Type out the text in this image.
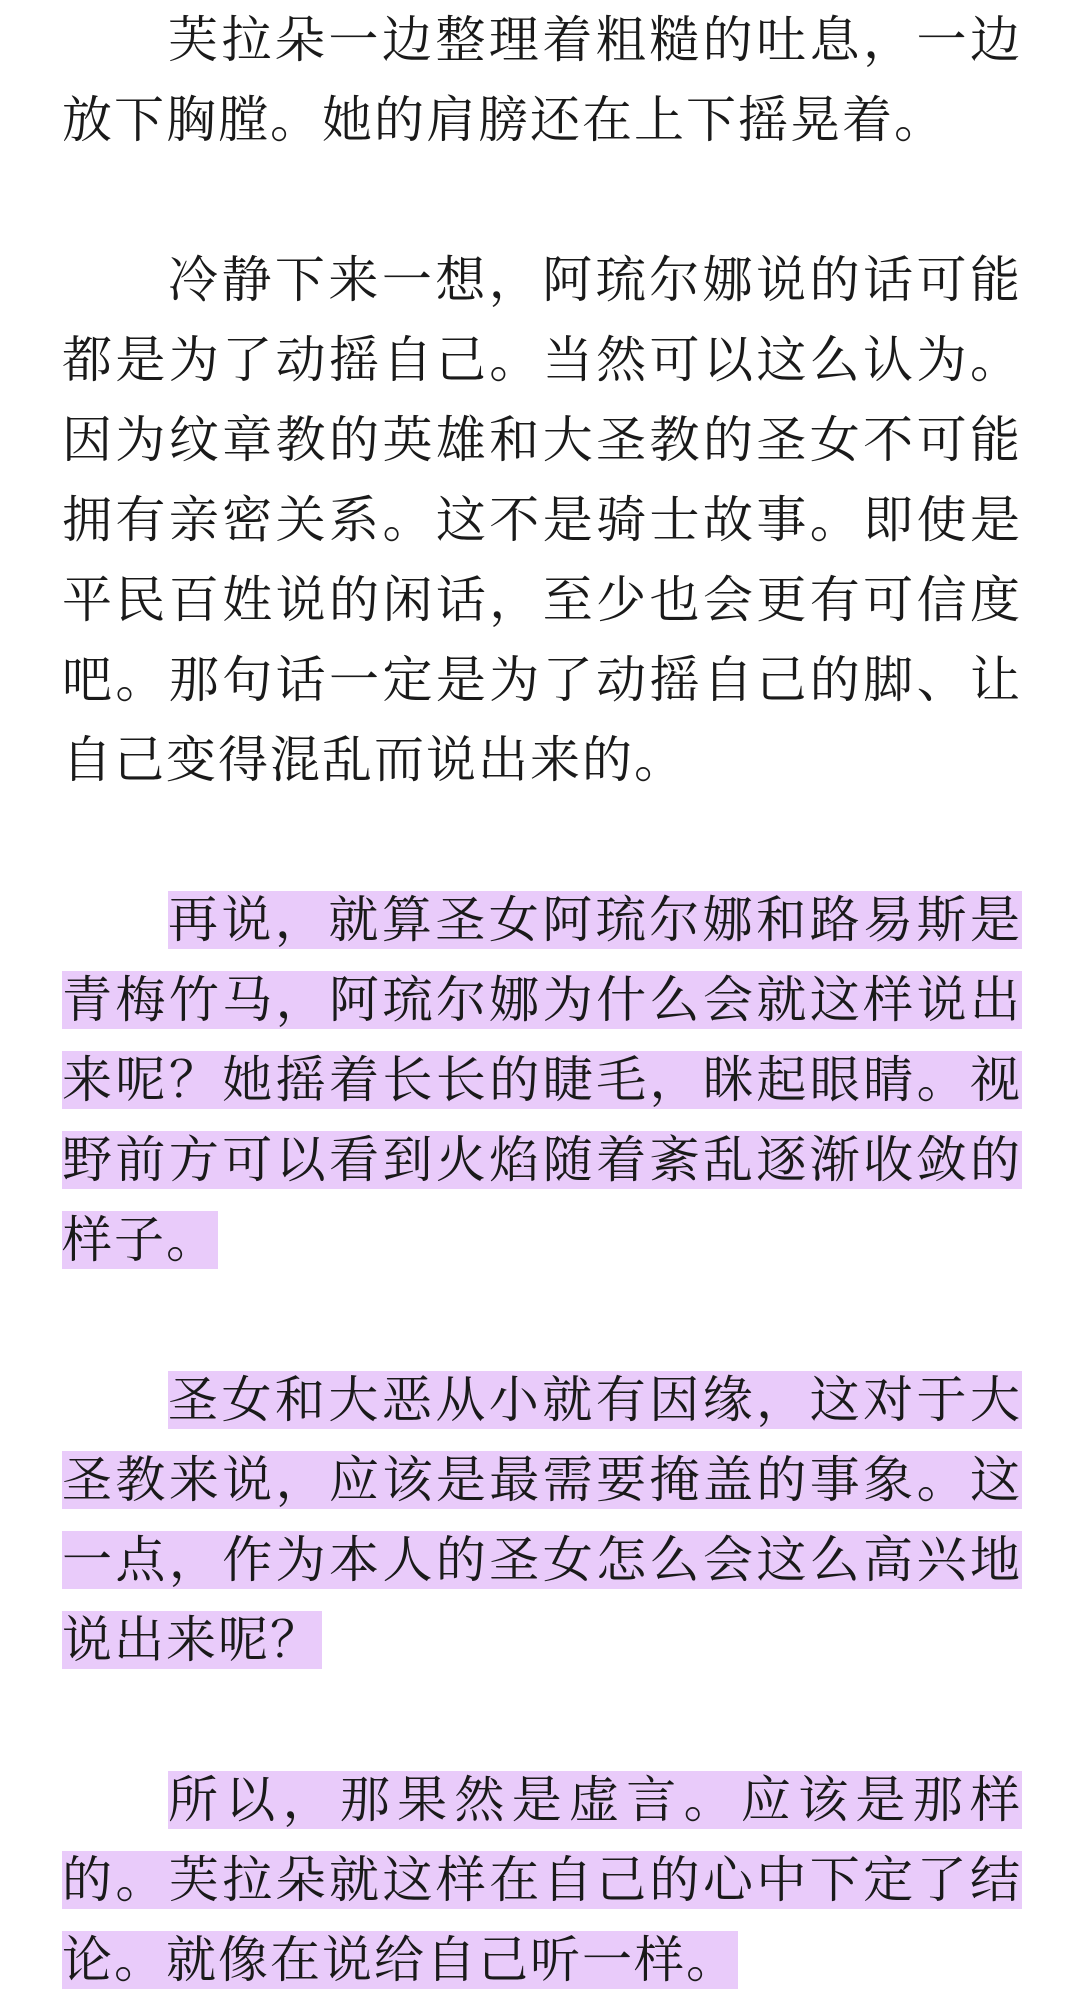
芙拉朵一边整理着粗糙的吐息，一边放下胸膛。她的肩膀还在上下摇晃着。

冷静下来一想，阿琉尔娜说的话可能都是为了动摇自己。当然可以这么认为。因为纹章教的英雄和大圣教的圣女不可能拥有亲密关系。这不是骑士故事。即使是平民百姓说的闲话，至少也会更有可信度吧。那句话一定是为了动摇自己的脚、让自己变得混乱而说出来的。

再说，就算圣女阿琉尔娜和路易斯是青梅竹马，阿琉尔娜为什么会就这样说出来呢？她摇着长长的睫毛，眯起眼睛。视野前方可以看到火焰随着紊乱逐渐收敛的样子。

圣女和大恶从小就有因缘，这对于大圣教来说，应该是最需要掩盖的事象。这一点，作为本人的圣女怎么会这么高兴地说出来呢？

所以，那果然是虚言。应该是那样的。芙拉朵就这样在自己的心中下定了结论。就像在说给自己听一样。
